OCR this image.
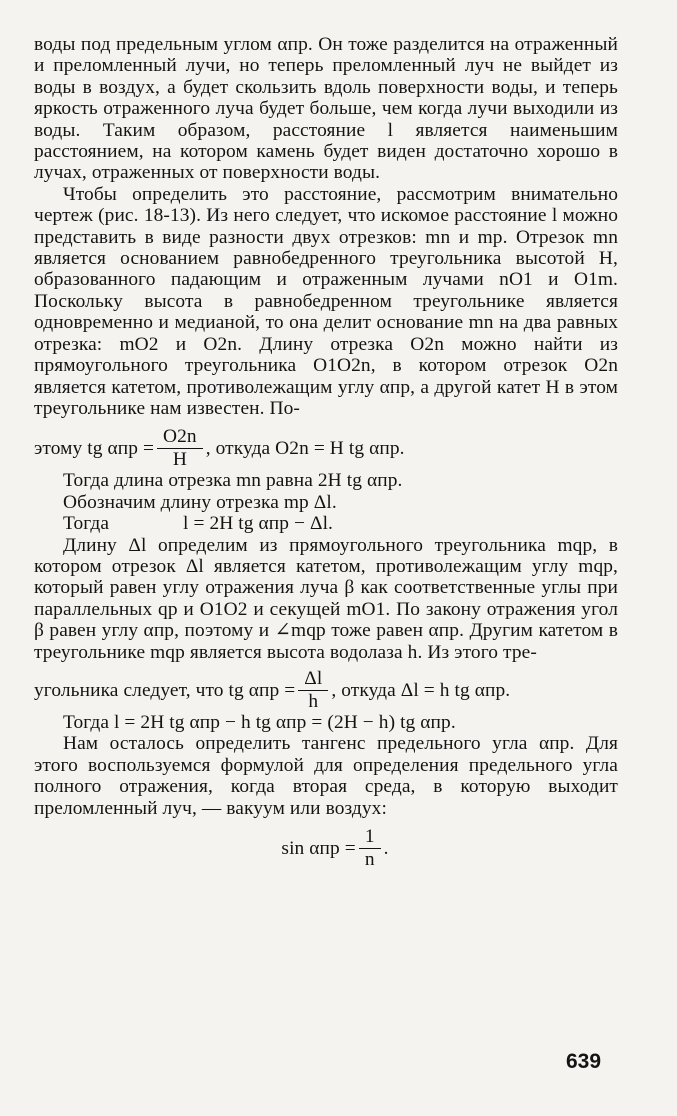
воды под предельным углом αпр. Он тоже разделится на отраженный и преломленный лучи, но теперь преломленный луч не выйдет из воды в воздух, а будет скользить вдоль поверхности воды, и теперь яркость отраженного луча будет больше, чем когда лучи выходили из воды. Таким образом, расстояние l является наименьшим расстоянием, на котором камень будет виден достаточно хорошо в лучах, отраженных от поверхности воды.

Чтобы определить это расстояние, рассмотрим внимательно чертеж (рис. 18-13). Из него следует, что искомое расстояние l можно представить в виде разности двух отрезков: mn и mp. Отрезок mn является основанием равнобедренного треугольника высотой H, образованного падающим и отраженным лучами nO1 и O1m. Поскольку высота в равнобедренном треугольнике является одновременно и медианой, то она делит основание mn на два равных отрезка: mO2 и O2n. Длину отрезка O2n можно найти из прямоугольного треугольника O1O2n, в котором отрезок O2n является катетом, противолежащим углу αпр, а другой катет H в этом треугольнике нам известен. По-

этому tg $\alpha пр = \frac{O2n}{H}$ , откуда O2n = H tg αпр.

Тогда длина отрезка mn равна 2H tg αпр.

Обозначим длину отрезка mp Δl.

Тогда	l = 2H tg αпр − Δl.

Длину Δl определим из прямоугольного треугольника mqp, в котором отрезок Δl является катетом, противолежащим углу mqp, который равен углу отражения луча β как соответственные углы при параллельных qp и O1O2 и секущей mO1. По закону отражения угол β равен углу αпр, поэтому и ∠mqp тоже равен αпр. Другим катетом в треугольнике mqp является высота водолаза h. Из этого тре-

угольника следует, что tg $\alpha пр = \frac{\Delta l}{h}$ , откуда Δl = h tg αпр.

Тогда l = 2H tg αпр − h tg αпр = (2H − h) tg αпр.

Нам осталось определить тангенс предельного угла αпр. Для этого воспользуемся формулой для определения предельного угла полного отражения, когда вторая среда, в которую выходит преломленный луч, — вакуум или воздух:

$\sin \alpha пр = \frac{1}{n}$ .
639
